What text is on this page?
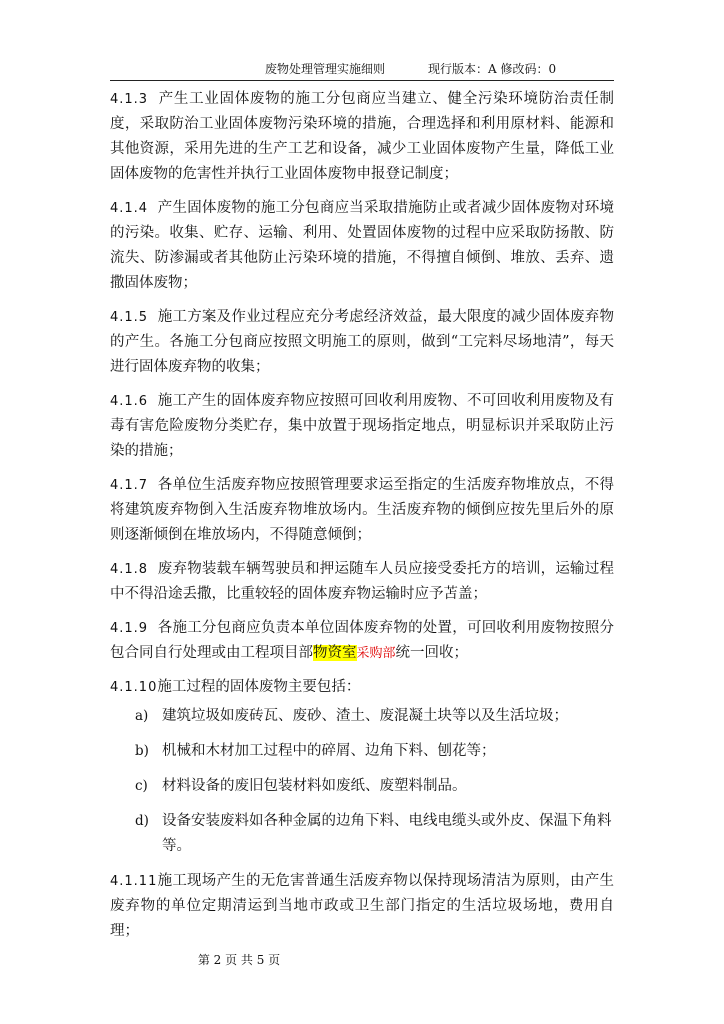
废物处理管理实施细则	现行版本：A 修改码：0

4.1.3 产生工业固体废物的施工分包商应当建立、健全污染环境防治责任制度，采取防治工业固体废物污染环境的措施，合理选择和利用原材料、能源和其他资源，采用先进的生产工艺和设备，减少工业固体废物产生量，降低工业固体废物的危害性并执行工业固体废物申报登记制度；

4.1.4 产生固体废物的施工分包商应当采取措施防止或者减少固体废物对环境的污染。收集、贮存、运输、利用、处置固体废物的过程中应采取防扬散、防流失、防渗漏或者其他防止污染环境的措施，不得擅自倾倒、堆放、丢弃、遗撒固体废物；

4.1.5 施工方案及作业过程应充分考虑经济效益，最大限度的减少固体废弃物的产生。各施工分包商应按照文明施工的原则，做到“工完料尽场地清”，每天进行固体废弃物的收集；

4.1.6 施工产生的固体废弃物应按照可回收利用废物、不可回收利用废物及有毒有害危险废物分类贮存，集中放置于现场指定地点，明显标识并采取防止污染的措施；

4.1.7 各单位生活废弃物应按照管理要求运至指定的生活废弃物堆放点，不得将建筑废弃物倒入生活废弃物堆放场内。生活废弃物的倾倒应按先里后外的原则逐渐倾倒在堆放场内，不得随意倾倒；

4.1.8 废弃物装载车辆驾驶员和押运随车人员应接受委托方的培训，运输过程中不得沿途丢撒，比重较轻的固体废弃物运输时应予苫盖；

4.1.9 各施工分包商应负责本单位固体废弃物的处置，可回收利用废物按照分包合同自行处理或由工程项目部物资室采购部统一回收；

4.1.10施工过程的固体废物主要包括：

a) 建筑垃圾如废砖瓦、废砂、渣土、废混凝土块等以及生活垃圾；
b) 机械和木材加工过程中的碎屑、边角下料、刨花等；
c) 材料设备的废旧包装材料如废纸、废塑料制品。
d) 设备安装废料如各种金属的边角下料、电线电缆头或外皮、保温下角料等。

4.1.11施工现场产生的无危害普通生活废弃物以保持现场清洁为原则，由产生废弃物的单位定期清运到当地市政或卫生部门指定的生活垃圾场地，费用自理；

第 2 页 共 5 页
